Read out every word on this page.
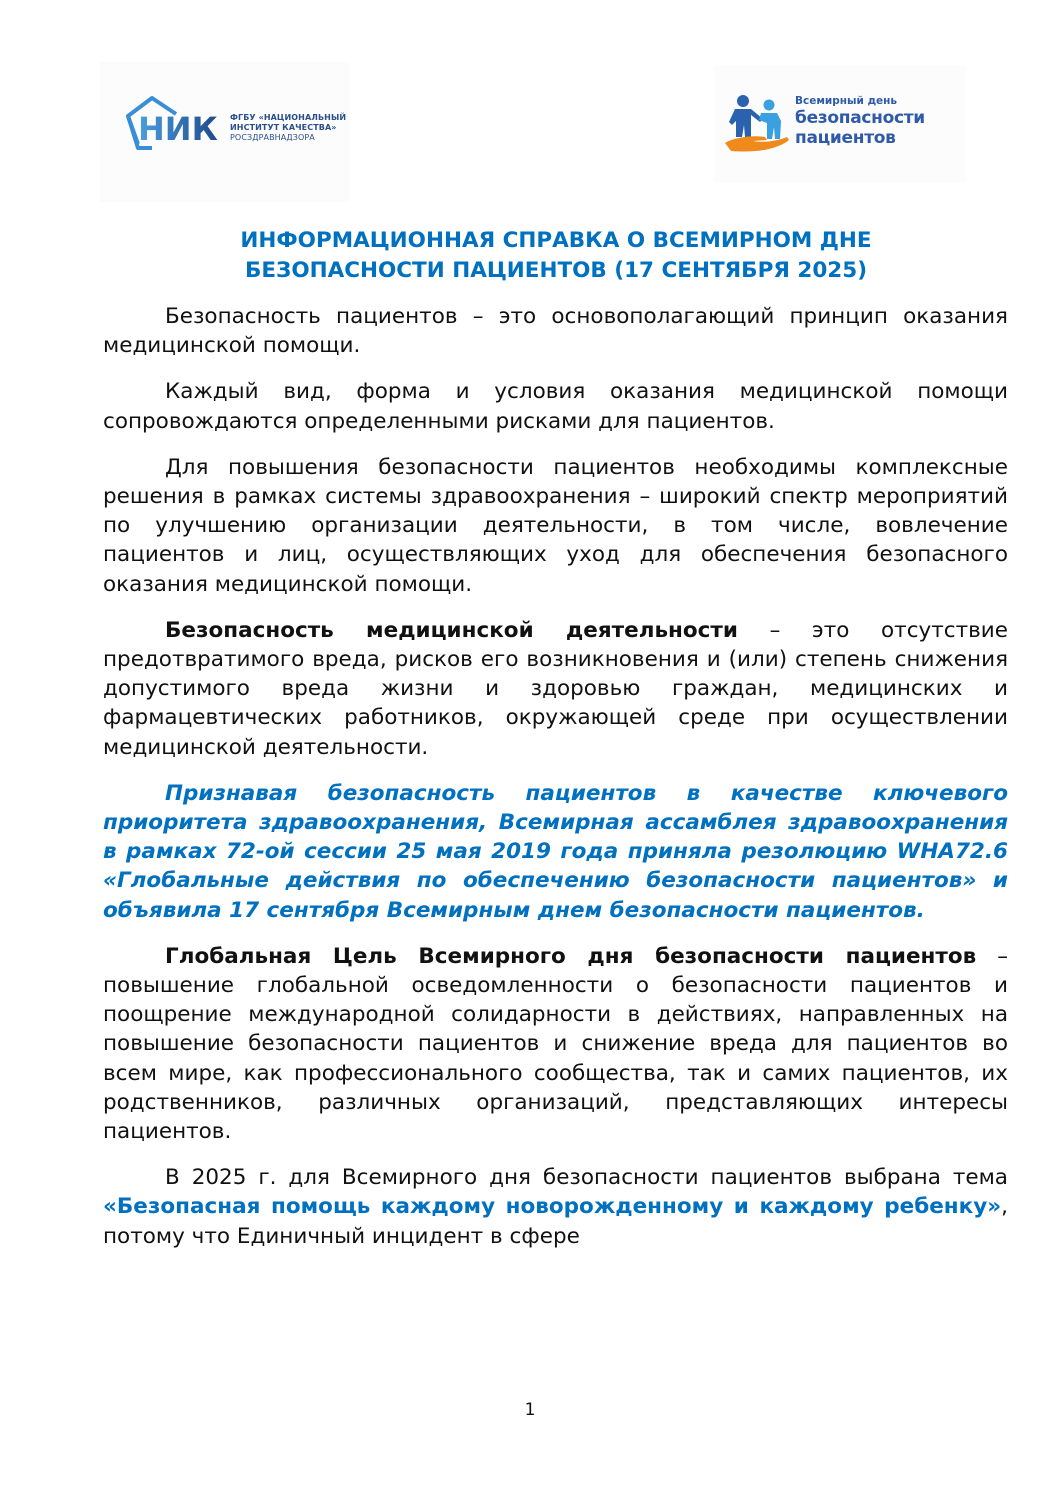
НИК ФГБУ «НАЦИОНАЛЬНЫЙ
ИНСТИТУТ КАЧЕСТВА»
РОСЗДРАВНАДЗОРА
Всемирный день
безопасности
пациентов
ИНФОРМАЦИОННАЯ СПРАВКА О ВСЕМИРНОМ ДНЕ
БЕЗОПАСНОСТИ ПАЦИЕНТОВ (17 СЕНТЯБРЯ 2025)

Безопасность пациентов – это основополагающий принцип оказания медицинской помощи.

Каждый вид, форма и условия оказания медицинской помощи сопровождаются определенными рисками для пациентов.

Для повышения безопасности пациентов необходимы комплексные решения в рамках системы здравоохранения – широкий спектр мероприятий по улучшению организации деятельности, в том числе, вовлечение пациентов и лиц, осуществляющих уход для обеспечения безопасного оказания медицинской помощи.

Безопасность медицинской деятельности – это отсутствие предотвратимого вреда, рисков его возникновения и (или) степень снижения допустимого вреда жизни и здоровью граждан, медицинских и фармацевтических работников, окружающей среде при осуществлении медицинской деятельности.

Признавая безопасность пациентов в качестве ключевого приоритета здравоохранения, Всемирная ассамблея здравоохранения в рамках 72-ой сессии 25 мая 2019 года приняла резолюцию WHA72.6 «Глобальные действия по обеспечению безопасности пациентов» и объявила 17 сентября Всемирным днем безопасности пациентов.

Глобальная Цель Всемирного дня безопасности пациентов – повышение глобальной осведомленности о безопасности пациентов и поощрение международной солидарности в действиях, направленных на повышение безопасности пациентов и снижение вреда для пациентов во всем мире, как профессионального сообщества, так и самих пациентов, их родственников, различных организаций, представляющих интересы пациентов.

В 2025 г. для Всемирного дня безопасности пациентов выбрана тема «Безопасная помощь каждому новорожденному и каждому ребенку», потому что Единичный инцидент в сфере

1
